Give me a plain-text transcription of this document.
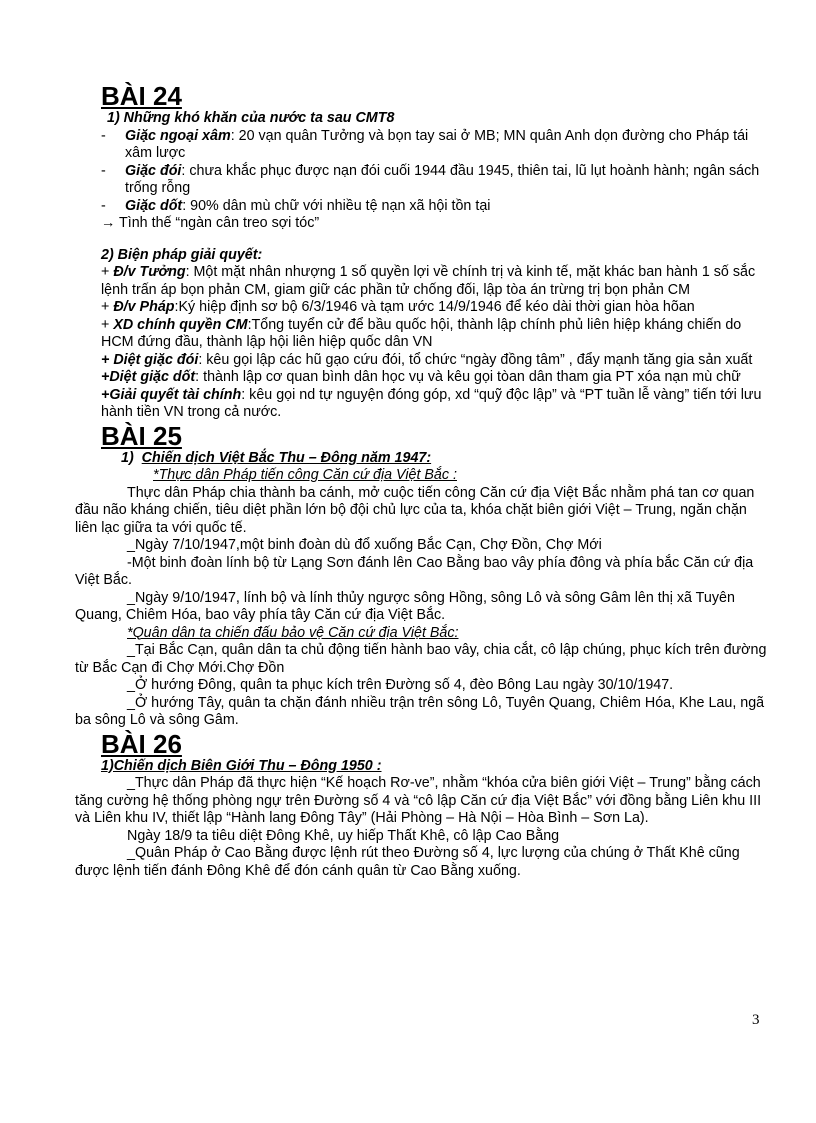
BÀI 24

1) Những khó khăn của nước ta sau CMT8

-	Giặc ngoại xâm: 20 vạn quân Tưởng và bọn tay sai ở MB; MN quân Anh dọn đường cho Pháp tái xâm lược
-	Giặc đói: chưa khắc phục được nạn đói cuối 1944 đầu 1945, thiên tai, lũ lụt hoành hành; ngân sách trống rỗng
-	Giặc dốt: 90% dân mù chữ với nhiều tệ nạn xã hội tồn tại

→ Tình thế “ngàn cân treo sợi tóc”

2) Biện pháp giải quyết:

+ Đ/v Tưởng: Một mặt nhân nhượng 1 số quyền lợi về chính trị và kinh tế, mặt khác ban hành 1 số sắc lệnh trấn áp bọn phản CM, giam giữ các phần tử chống đối, lập tòa án trừng trị bọn phản CM

+ Đ/v Pháp:Ký hiệp định sơ bộ 6/3/1946 và tạm ước 14/9/1946 để kéo dài thời gian hòa hõan

+ XD chính quyền CM:Tổng tuyển cử để bầu quốc hội, thành lập chính phủ liên hiệp kháng chiến do HCM đứng đầu, thành lập hội liên hiệp quốc dân VN

+ Diệt giặc đói: kêu gọi lập các hũ gạo cứu đói, tổ chức “ngày đồng tâm” , đẩy mạnh tăng gia sản xuất

+Diệt giặc dốt: thành lập cơ quan bình dân học vụ và kêu gọi tòan dân tham gia PT xóa nạn mù chữ

+Giải quyết tài chính: kêu gọi nd tự nguyện đóng góp, xd “quỹ độc lập” và “PT tuần lễ vàng” tiến tới lưu hành tiền VN trong cả nước.

BÀI 25

1) Chiến dịch Việt Bắc Thu – Đông năm 1947:

*Thực dân Pháp tiến công Căn cứ địa Việt Bắc :

Thực dân Pháp chia thành ba cánh, mở cuộc tiến công Căn cứ địa Việt Bắc nhằm phá tan cơ quan đầu não kháng chiến, tiêu diệt phần lớn bộ đội chủ lực của ta, khóa chặt biên giới Việt – Trung, ngăn chặn liên lạc giữa ta với quốc tế.

_Ngày 7/10/1947,một binh đoàn dù đổ xuống Bắc Cạn, Chợ Đồn, Chợ Mới

-Một binh đoàn lính bộ từ Lạng Sơn đánh lên Cao Bằng bao vây phía đông và phía bắc Căn cứ địa Việt Bắc.

_Ngày 9/10/1947, lính bộ và lính thủy ngược sông Hồng, sông Lô và sông Gâm lên thị xã Tuyên Quang, Chiêm Hóa, bao vây phía tây Căn cứ địa Việt Bắc.

*Quân dân ta chiến đấu bảo vệ Căn cứ địa Việt Bắc:

_Tại Bắc Cạn, quân dân ta chủ động tiến hành bao vây, chia cắt, cô lập chúng, phục kích trên đường từ Bắc Cạn đi Chợ Mới.Chợ Đồn

_Ở hướng Đông, quân ta phục kích trên Đường số 4, đèo Bông Lau ngày 30/10/1947.

_Ở hướng Tây, quân ta chặn đánh nhiều trận trên sông Lô, Tuyên Quang, Chiêm Hóa, Khe Lau, ngã ba sông Lô và sông Gâm.

BÀI 26

1)Chiến dịch Biên Giới Thu – Đông 1950 :

_Thực dân Pháp đã thực hiện “Kế hoạch Rơ-ve”, nhằm “khóa cửa biên giới Việt – Trung” bằng cách tăng cường hệ thống phòng ngự trên Đường số 4 và “cô lập Căn cứ địa Việt Bắc” với đồng bằng Liên khu III và Liên khu IV, thiết lập “Hành lang Đông Tây” (Hải Phòng – Hà Nội – Hòa Bình – Sơn La).

Ngày 18/9 ta tiêu diệt Đông Khê, uy hiếp Thất Khê, cô lập Cao Bằng

_Quân Pháp ở Cao Bằng được lệnh rút theo Đường số 4, lực lượng của chúng ở Thất Khê cũng được lệnh tiến đánh Đông Khê để đón cánh quân từ Cao Bằng xuống.

3
